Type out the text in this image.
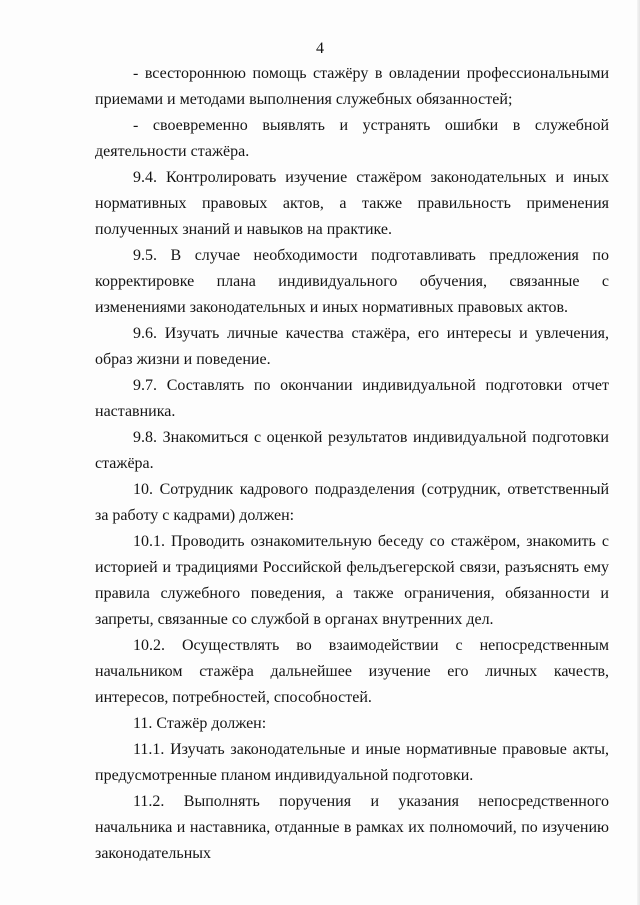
4

- всестороннюю помощь стажёру в овладении профессиональными приемами и методами выполнения служебных обязанностей;

- своевременно выявлять и устранять ошибки в служебной деятельности стажёра.

9.4. Контролировать изучение стажёром законодательных и иных нормативных правовых актов, а также правильность применения полученных знаний и навыков на практике.

9.5. В случае необходимости подготавливать предложения по корректировке плана индивидуального обучения, связанные с изменениями законодательных и иных нормативных правовых актов.

9.6. Изучать личные качества стажёра, его интересы и увлечения, образ жизни и поведение.

9.7. Составлять по окончании индивидуальной подготовки отчет наставника.

9.8. Знакомиться с оценкой результатов индивидуальной подготовки стажёра.

10. Сотрудник кадрового подразделения (сотрудник, ответственный за работу с кадрами) должен:

10.1. Проводить ознакомительную беседу со стажёром, знакомить с историей и традициями Российской фельдъегерской связи, разъяснять ему правила служебного поведения, а также ограничения, обязанности и запреты, связанные со службой в органах внутренних дел.

10.2. Осуществлять во взаимодействии с непосредственным начальником стажёра дальнейшее изучение его личных качеств, интересов, потребностей, способностей.

11. Стажёр должен:

11.1. Изучать законодательные и иные нормативные правовые акты, предусмотренные планом индивидуальной подготовки.

11.2. Выполнять поручения и указания непосредственного начальника и наставника, отданные в рамках их полномочий, по изучению законодательных
